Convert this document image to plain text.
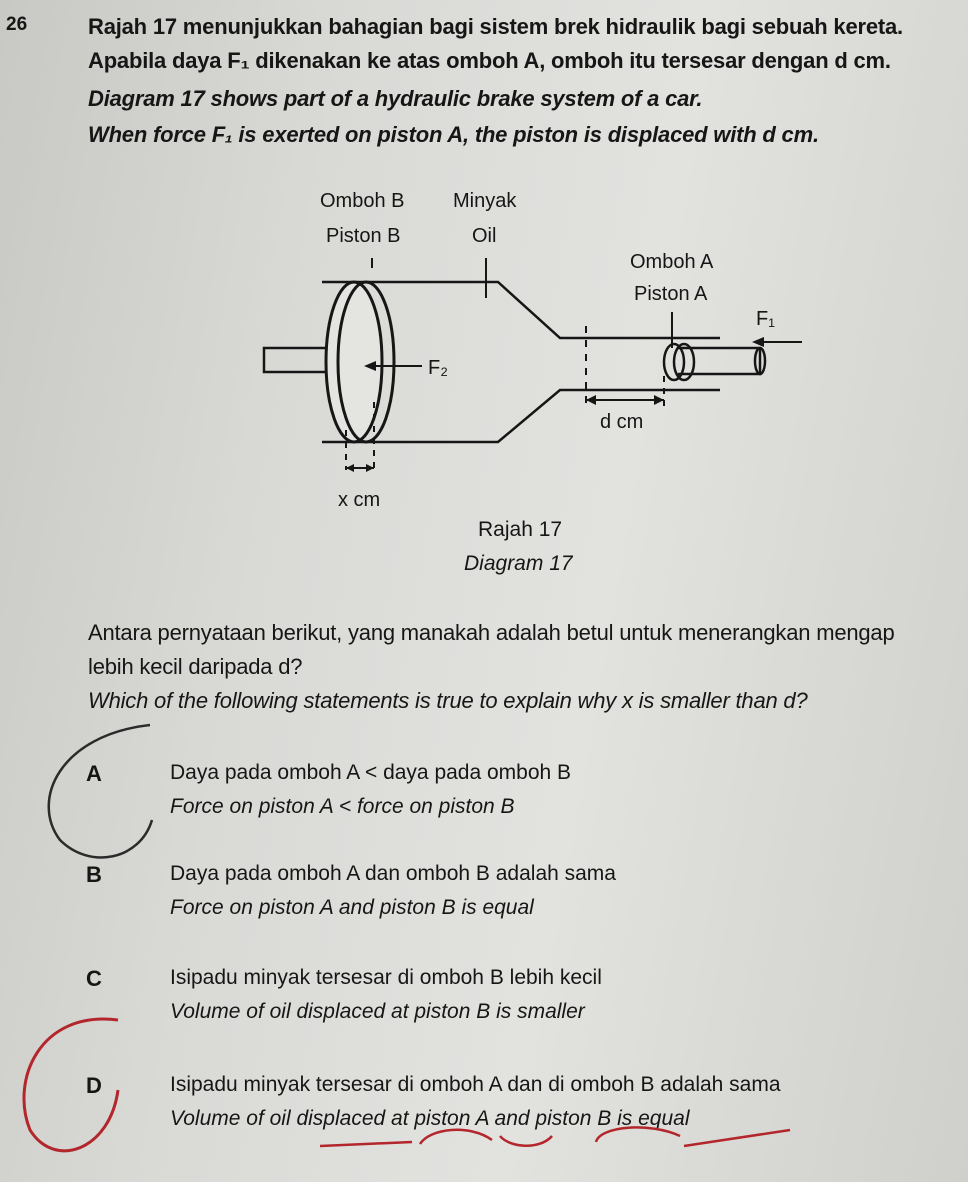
26	Rajah 17 menunjukkan bahagian bagi sistem brek hidraulik bagi sebuah kereta.
Apabila daya F₁ dikenakan ke atas omboh A, omboh itu tersesar dengan d cm.
Diagram 17 shows part of a hydraulic brake system of a car.
When force F₁ is exerted on piston A, the piston is displaced with d cm.
Omboh B Minyak
Piston B	Oil
Omboh A
Piston A
F₁
F₂
d cm
x cm
Rajah 17
Diagram 17
Antara pernyataan berikut, yang manakah adalah betul untuk menerangkan mengap
lebih kecil daripada d?
Which of the following statements is true to explain why x is smaller than d?
A	Daya pada omboh A < daya pada omboh B
Force on piston A < force on piston B
B	Daya pada omboh A dan omboh B adalah sama
Force on piston A and piston B is equal
C	Isipadu minyak tersesar di omboh B lebih kecil
Volume of oil displaced at piston B is smaller
D	Isipadu minyak tersesar di omboh A dan di omboh B adalah sama
Volume of oil displaced at piston A and piston B is equal
